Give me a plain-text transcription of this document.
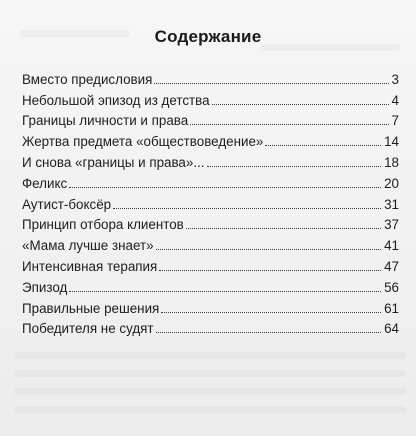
Содержание
Вместо предисловия	3
Небольшой эпизод из детства	4
Границы личности и права	7
Жертва предмета «обществоведение»	14
И снова «границы и права»...	18
Феликс	20
Аутист-боксёр	31
Принцип отбора клиентов	37
«Мама лучше знает»	41
Интенсивная терапия	47
Эпизод	56
Правильные решения	61
Победителя не судят	64
